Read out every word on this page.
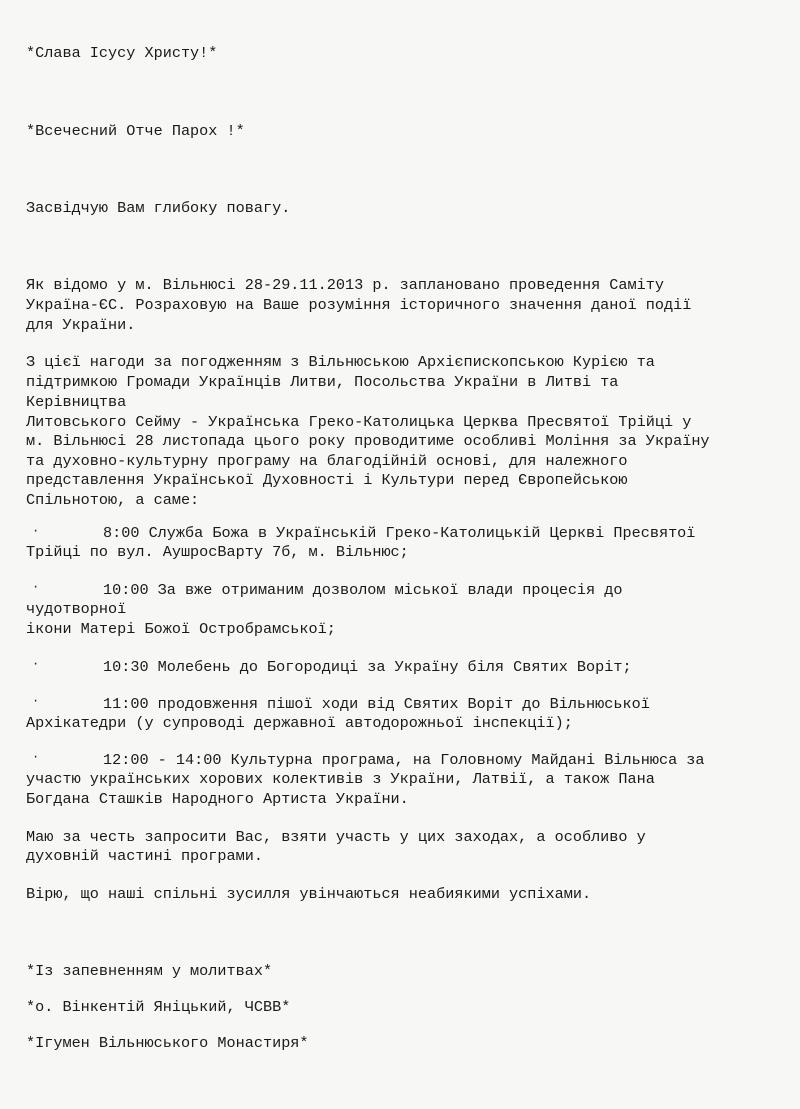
*Слава Ісусу Христу!*
*Всечесний Отче Парох !*
Засвідчую Вам глибоку повагу.
Як відомо у м. Вільнюсі 28-29.11.2013 р. заплановано проведення Саміту
Україна-ЄС. Розраховую на Ваше розуміння історичного значення даної події
для України.
З цієї нагоди за погодженням з Вільнюською Архієпископською Курією та
підтримкою Громади Українців Литви, Посольства України в Литві та
Керівництва
Литовського Сейму - Українська Греко-Католицька Церква Пресвятої Трійці у
м. Вільнюсі 28 листопада цього року проводитиме особливі Моління за Україну
та духовно-культурну програму на благодійній основі, для належного
представлення Української Духовності і Культури перед Європейською
Спільнотою, а саме:
·	8:00 Служба Божа в Українській Греко-Католицькій Церкві Пресвятої
Трійці по вул. АушросВарту 7б, м. Вільнюс;
·	10:00 За вже отриманим дозволом міської влади процесія до
чудотворної
ікони Матері Божої Остробрамської;
·	10:30 Молебень до Богородиці за Україну біля Святих Воріт;
·	11:00 продовження пішої ходи від Святих Воріт до Вільнюської
Архікатедри (у супроводі державної автодорожньої інспекції);
·	12:00 - 14:00 Культурна програма, на Головному Майдані Вільнюса за
участю українських хорових колективів з України, Латвії, а також Пана
Богдана Сташків Народного Артиста України.
Маю за честь запросити Вас, взяти участь у цих заходах, а особливо у
духовній частині програми.
Вірю, що наші спільні зусилля увінчаються неабиякими успіхами.
*Із запевненням у молитвах*
*о. Вінкентій Яніцький, ЧСВВ*
*Ігумен Вільнюського Монастиря*
